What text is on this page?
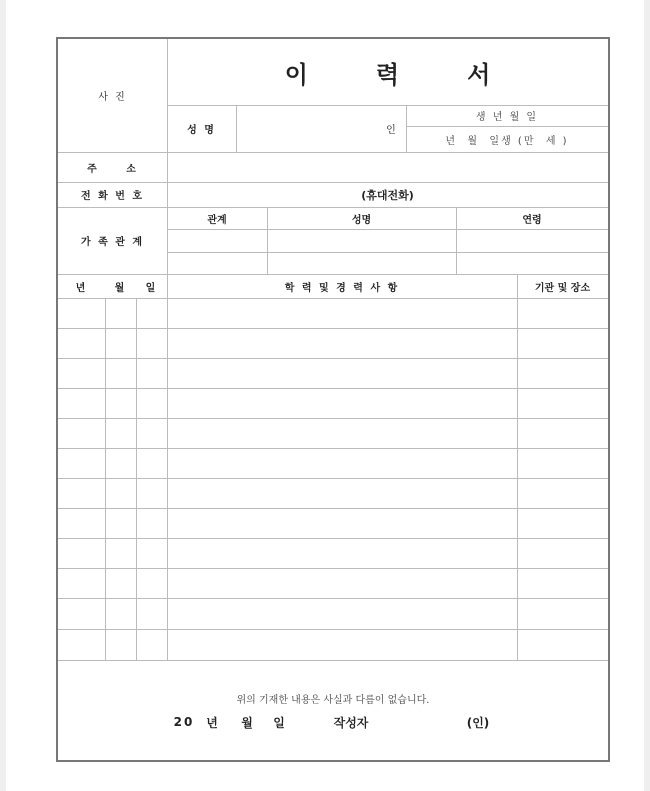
사 진
이	력	서
성 명	인
생 년 월 일
년  월  일생 (만  세 )
주     소
전 화 번 호	(휴대전화)
가 족 관 계
관계	성명	연령
년	월	일	학 력 및 경 력 사 항	기관 및 장소
위의 기재한 내용은 사실과 다름이 없습니다.
20 년 월 일	작성자	(인)
